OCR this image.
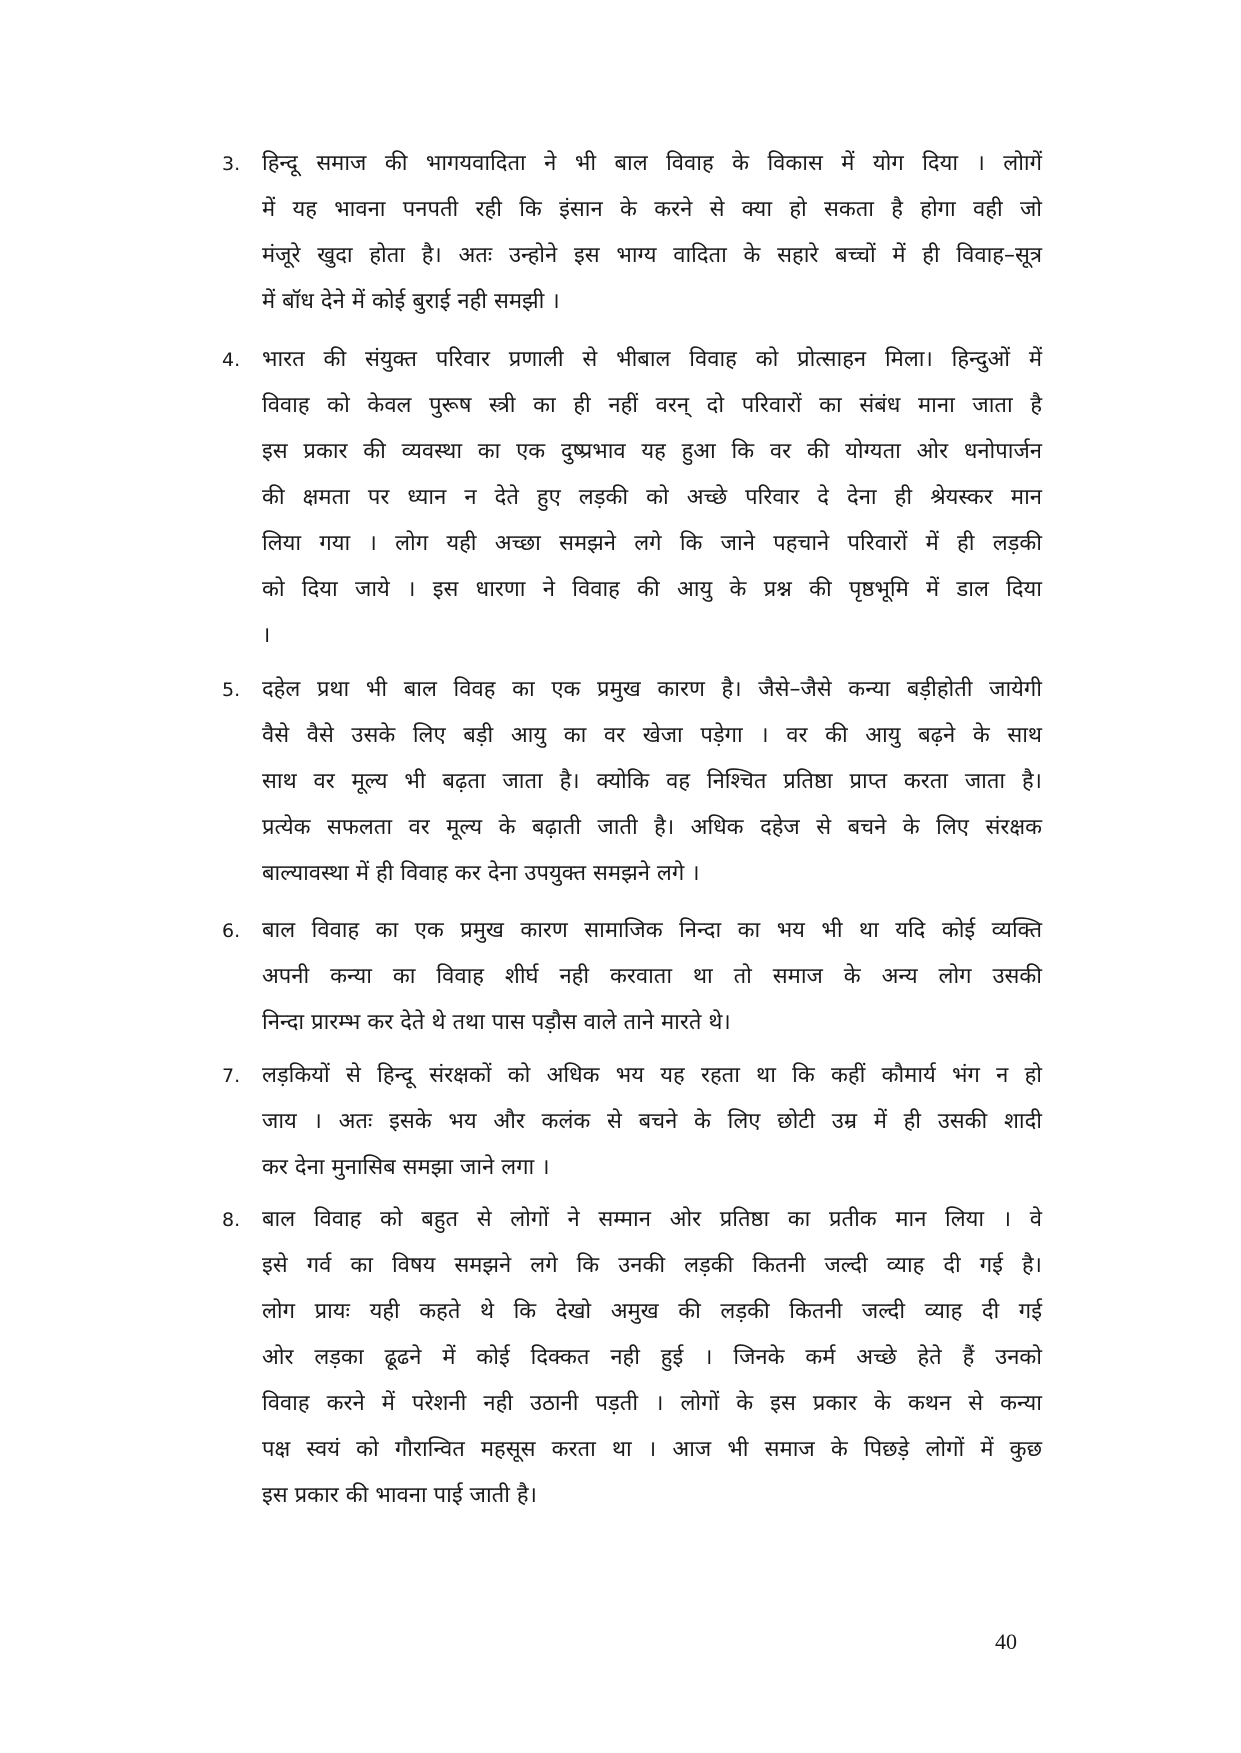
3. हिन्दू समाज की भागयवादिता ने भी बाल विवाह के विकास में योग दिया । लोागें
में यह भावना पनपती रही कि इंसान के करने से क्या हो सकता है होगा वही जो
मंजूरे खुदा होता है। अतः उन्होने इस भाग्य वादिता के सहारे बच्चों में ही विवाह–सूत्र
में बॉध देने में कोई बुराई नही समझी ।
4. भारत की संयुक्त परिवार प्रणाली से भीबाल विवाह को प्रोत्साहन मिला। हिन्दुओं में
विवाह को केवल पुरूष स्त्री का ही नहीं वरन् दो परिवारों का संबंध माना जाता है
इस प्रकार की व्यवस्था का एक दुष्प्रभाव यह हुआ कि वर की योग्यता ओर धनोपार्जन
की क्षमता पर ध्यान न देते हुए लड़की को अच्छे परिवार दे देना ही श्रेयस्कर मान
लिया गया । लोग यही अच्छा समझने लगे कि जाने पहचाने परिवारों में ही लड़की
को दिया जाये । इस धारणा ने विवाह की आयु के प्रश्न की पृष्ठभूमि में डाल दिया
।
5. दहेल प्रथा भी बाल विवह का एक प्रमुख कारण है। जैसे–जैसे कन्या बड़ीहोती जायेगी
वैसे वैसे उसके लिए बड़ी आयु का वर खेजा पड़ेगा । वर की आयु बढ़ने के साथ
साथ वर मूल्य भी बढ़ता जाता है। क्योकि वह निश्चित प्रतिष्ठा प्राप्त करता जाता है।
प्रत्येक सफलता वर मूल्य के बढ़ाती जाती है। अधिक दहेज से बचने के लिए संरक्षक
बाल्यावस्था में ही विवाह कर देना उपयुक्त समझने लगे ।
6. बाल विवाह का एक प्रमुख कारण सामाजिक निन्दा का भय भी था यदि कोई व्यक्ति
अपनी कन्या का विवाह शीर्घ नही करवाता था तो समाज के अन्य लोग उसकी
निन्दा प्रारम्भ कर देते थे तथा पास पड़ौस वाले ताने मारते थे।
7. लड़कियों से हिन्दू संरक्षकों को अधिक भय यह रहता था कि कहीं कौमार्य भंग न हो
जाय । अतः इसके भय और कलंक से बचने के लिए छोटी उम्र में ही उसकी शादी
कर देना मुनासिब समझा जाने लगा ।
8. बाल विवाह को बहुत से लोगों ने सम्मान ओर प्रतिष्ठा का प्रतीक मान लिया । वे
इसे गर्व का विषय समझने लगे कि उनकी लड़की कितनी जल्दी व्याह दी गई है।
लोग प्रायः यही कहते थे कि देखो अमुख की लड़की कितनी जल्दी व्याह दी गई
ओर लड़का ढूढने में कोई दिक्कत नही हुई । जिनके कर्म अच्छे हेते हैं उनको
विवाह करने में परेशनी नही उठानी पड़ती । लोगों के इस प्रकार के कथन से कन्या
पक्ष स्वयं को गौरान्वित महसूस करता था । आज भी समाज के पिछड़े लोगों में कुछ
इस प्रकार की भावना पाई जाती है।
40
